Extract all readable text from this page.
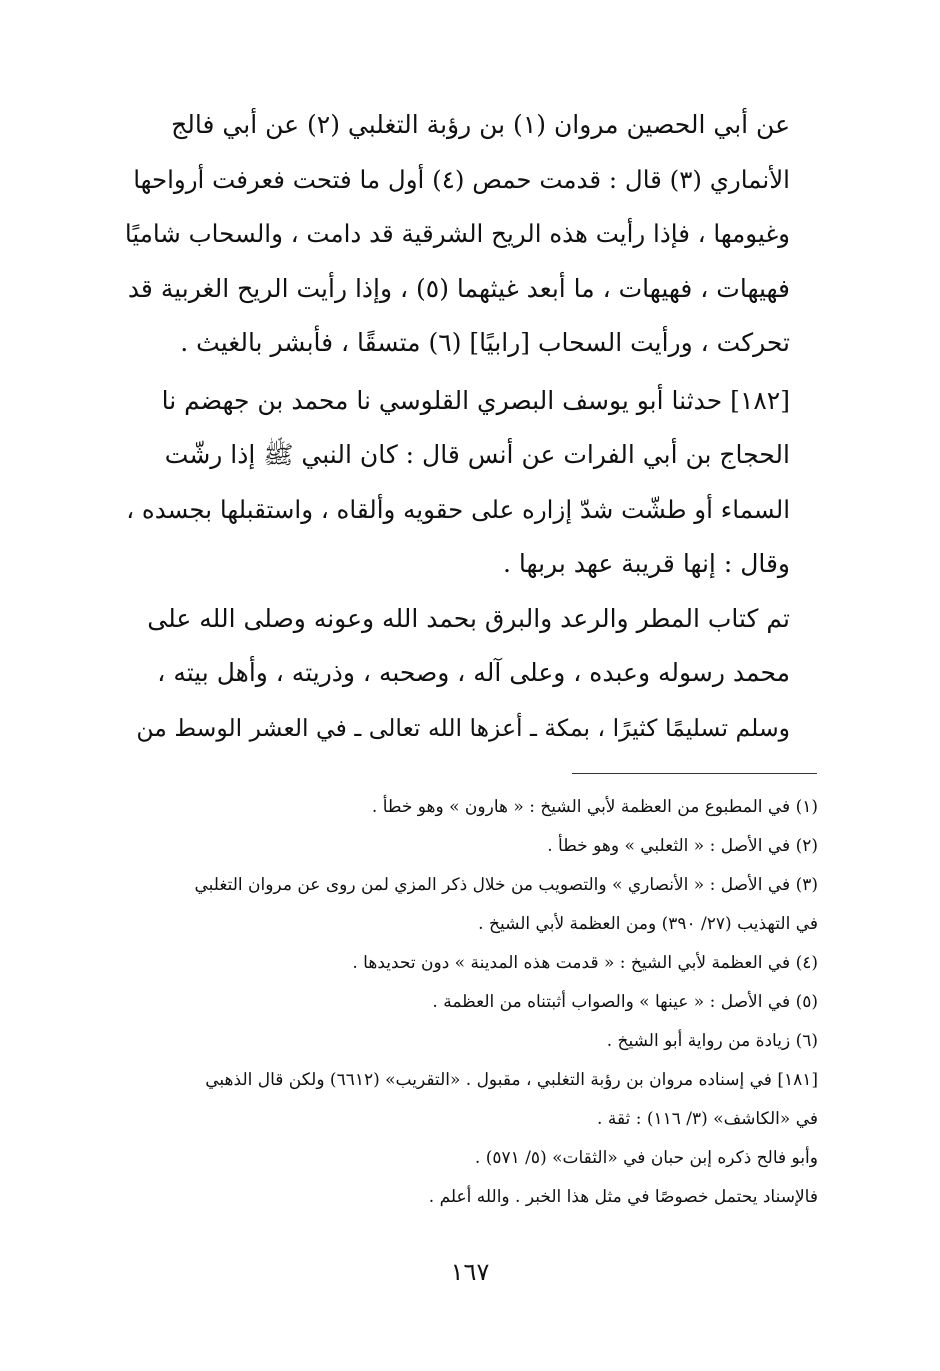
عن أبي الحصين مروان (١) بن رؤبة التغلبي (٢) عن أبي فالج
الأنماري (٣) قال : قدمت حمص (٤) أول ما فتحت فعرفت أرواحها
وغيومها ، فإذا رأيت هذه الريح الشرقية قد دامت ، والسحاب شاميًا
فهيهات ، فهيهات ، ما أبعد غيثهما (٥) ، وإذا رأيت الريح الغربية قد
تحركت ، ورأيت السحاب [رابيًا] (٦) متسقًا ، فأبشر بالغيث .
[١٨٢] حدثنا أبو يوسف البصري القلوسي نا محمد بن جهضم نا
الحجاج بن أبي الفرات عن أنس قال : كان النبي ﷺ إذا رشّت
السماء أو طشّت شدّ إزاره على حقويه وألقاه ، واستقبلها بجسده ،
وقال : إنها قريبة عهد بربها .
تم كتاب المطر والرعد والبرق بحمد الله وعونه وصلى الله على
محمد رسوله وعبده ، وعلى آله ، وصحبه ، وذريته ، وأهل بيته ،
وسلم تسليمًا كثيرًا ، بمكة ـ أعزها الله تعالى ـ في العشر الوسط من
(١) في المطبوع من العظمة لأبي الشيخ : « هارون » وهو خطأ .
(٢) في الأصل : « الثعلبي » وهو خطأ .
(٣) في الأصل : « الأنصاري » والتصويب من خلال ذكر المزي لمن روى عن مروان التغلبي
في التهذيب (٢٧/ ٣٩٠) ومن العظمة لأبي الشيخ .
(٤) في العظمة لأبي الشيخ : « قدمت هذه المدينة » دون تحديدها .
(٥) في الأصل : « عينها » والصواب أثبتناه من العظمة .
(٦) زيادة من رواية أبو الشيخ .
[١٨١] في إسناده مروان بن رؤبة التغلبي ، مقبول . «التقريب» (٦٦١٢) ولكن قال الذهبي
في «الكاشف» (٣/ ١١٦) : ثقة .
وأبو فالح ذكره إبن حبان في «الثقات» (٥/ ٥٧١) .
فالإسناد يحتمل خصوصًا في مثل هذا الخبر . والله أعلم .
١٦٧
